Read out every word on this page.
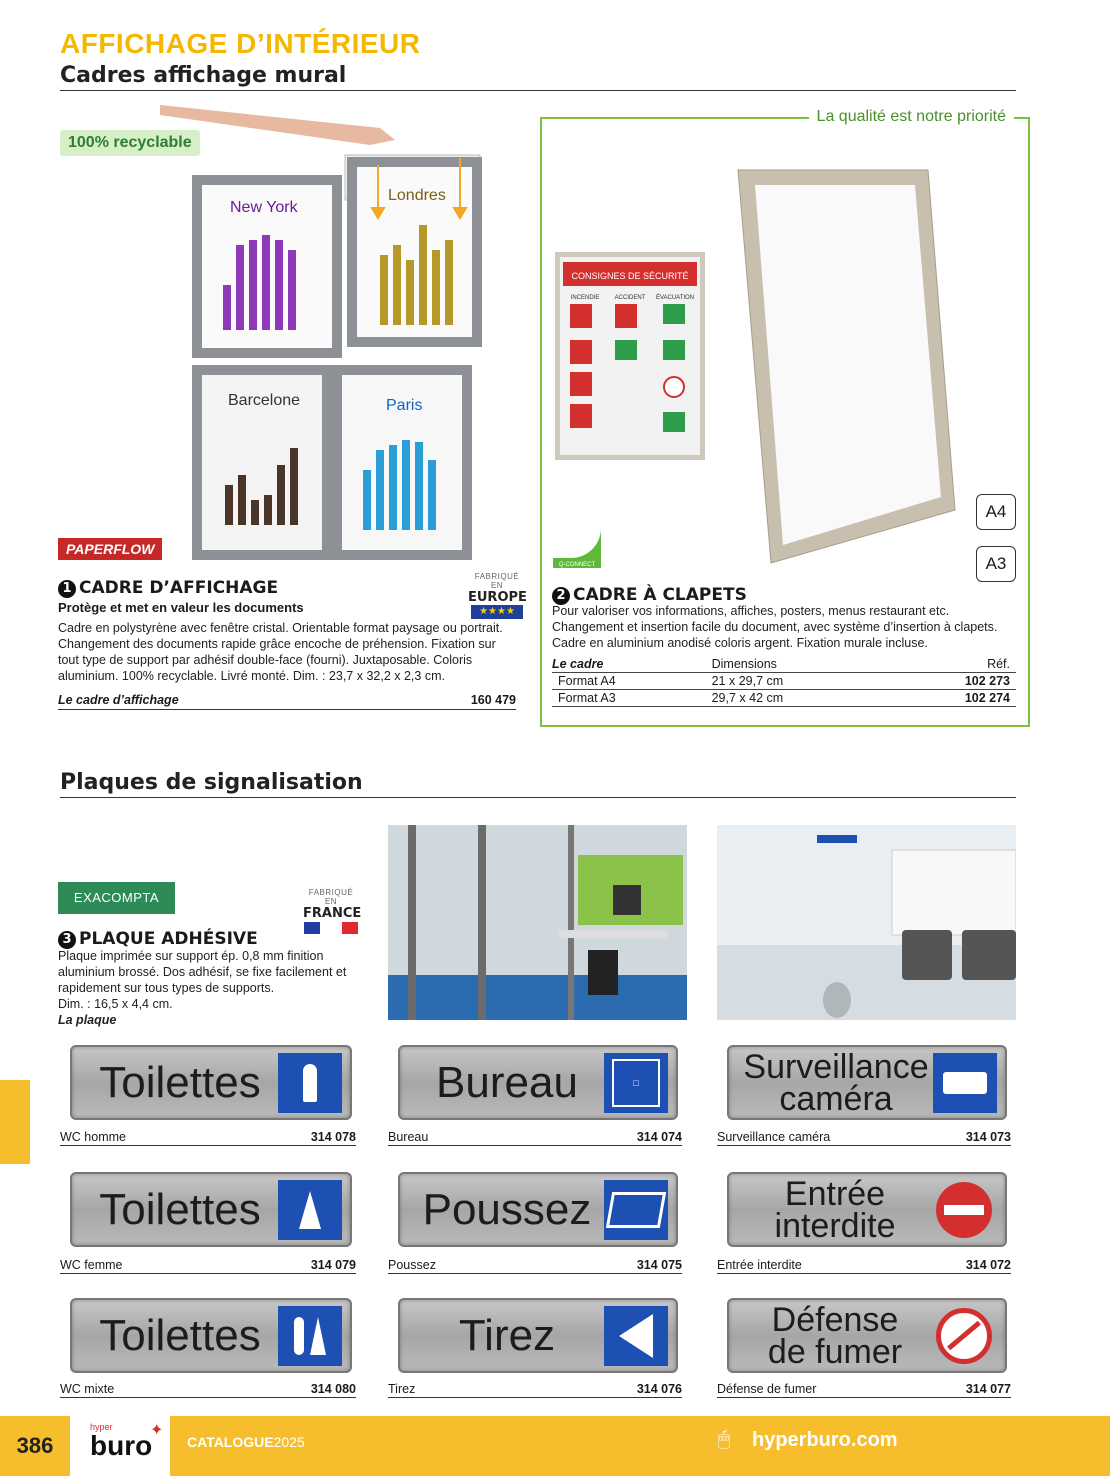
AFFICHAGE D’INTÉRIEUR
Cadres affichage mural
100% recyclable
New York
Londres
Barcelone	Paris
PAPERFLOW
1 CADRE D’AFFICHAGE
Protège et met en valeur les documents
FABRIQUÉ EN
EUROPE
★★★★
Cadre en polystyrène avec fenêtre cristal. Orientable format paysage ou portrait. Changement des documents rapide grâce encoche de préhension. Fixation sur tout type de support par adhésif double-face (fourni). Juxtaposable. Coloris aluminium. 100% recyclable. Livré monté. Dim. : 23,7 x 32,2 x 2,3 cm.
Le cadre d’affichage	160 479
La qualité est notre priorité
CONSIGNES DE SÉCURITÉ
INCENDIE	ACCIDENT ÉVACUATION
A4
A3
Q-CONNECT
2 CADRE À CLAPETS
Pour valoriser vos informations, affiches, posters, menus restaurant etc. Changement et insertion facile du document, avec système d’insertion à clapets. Cadre en aluminium anodisé coloris argent. Fixation murale incluse.
Le cadre	Dimensions	Réf.
Format A4	21 x 29,7 cm	102 273
Format A3	29,7 x 42 cm	102 274
Plaques de signalisation
EXACOMPTA	FABRIQUÉ EN
FRANCE
3 PLAQUE ADHÉSIVE
Plaque imprimée sur support ép. 0,8 mm finition aluminium brossé. Dos adhésif, se fixe facilement et rapidement sur tous types de supports.
Dim. : 16,5 x 4,4 cm.
La plaque
Toilettes
WC homme	314 078
Bureau	□
Bureau	314 074
Surveillance
caméra
Surveillance caméra	314 073
Toilettes
WC femme	314 079
Poussez
Poussez	314 075
Entrée
interdite
Entrée interdite	314 072
Toilettes
WC mixte	314 080
Tirez
Tirez	314 076
Défense
de fumer
Défense de fumer	314 077
386
hyper
buro
✦
CATALOGUE2025	🖱 hyperburo.com
